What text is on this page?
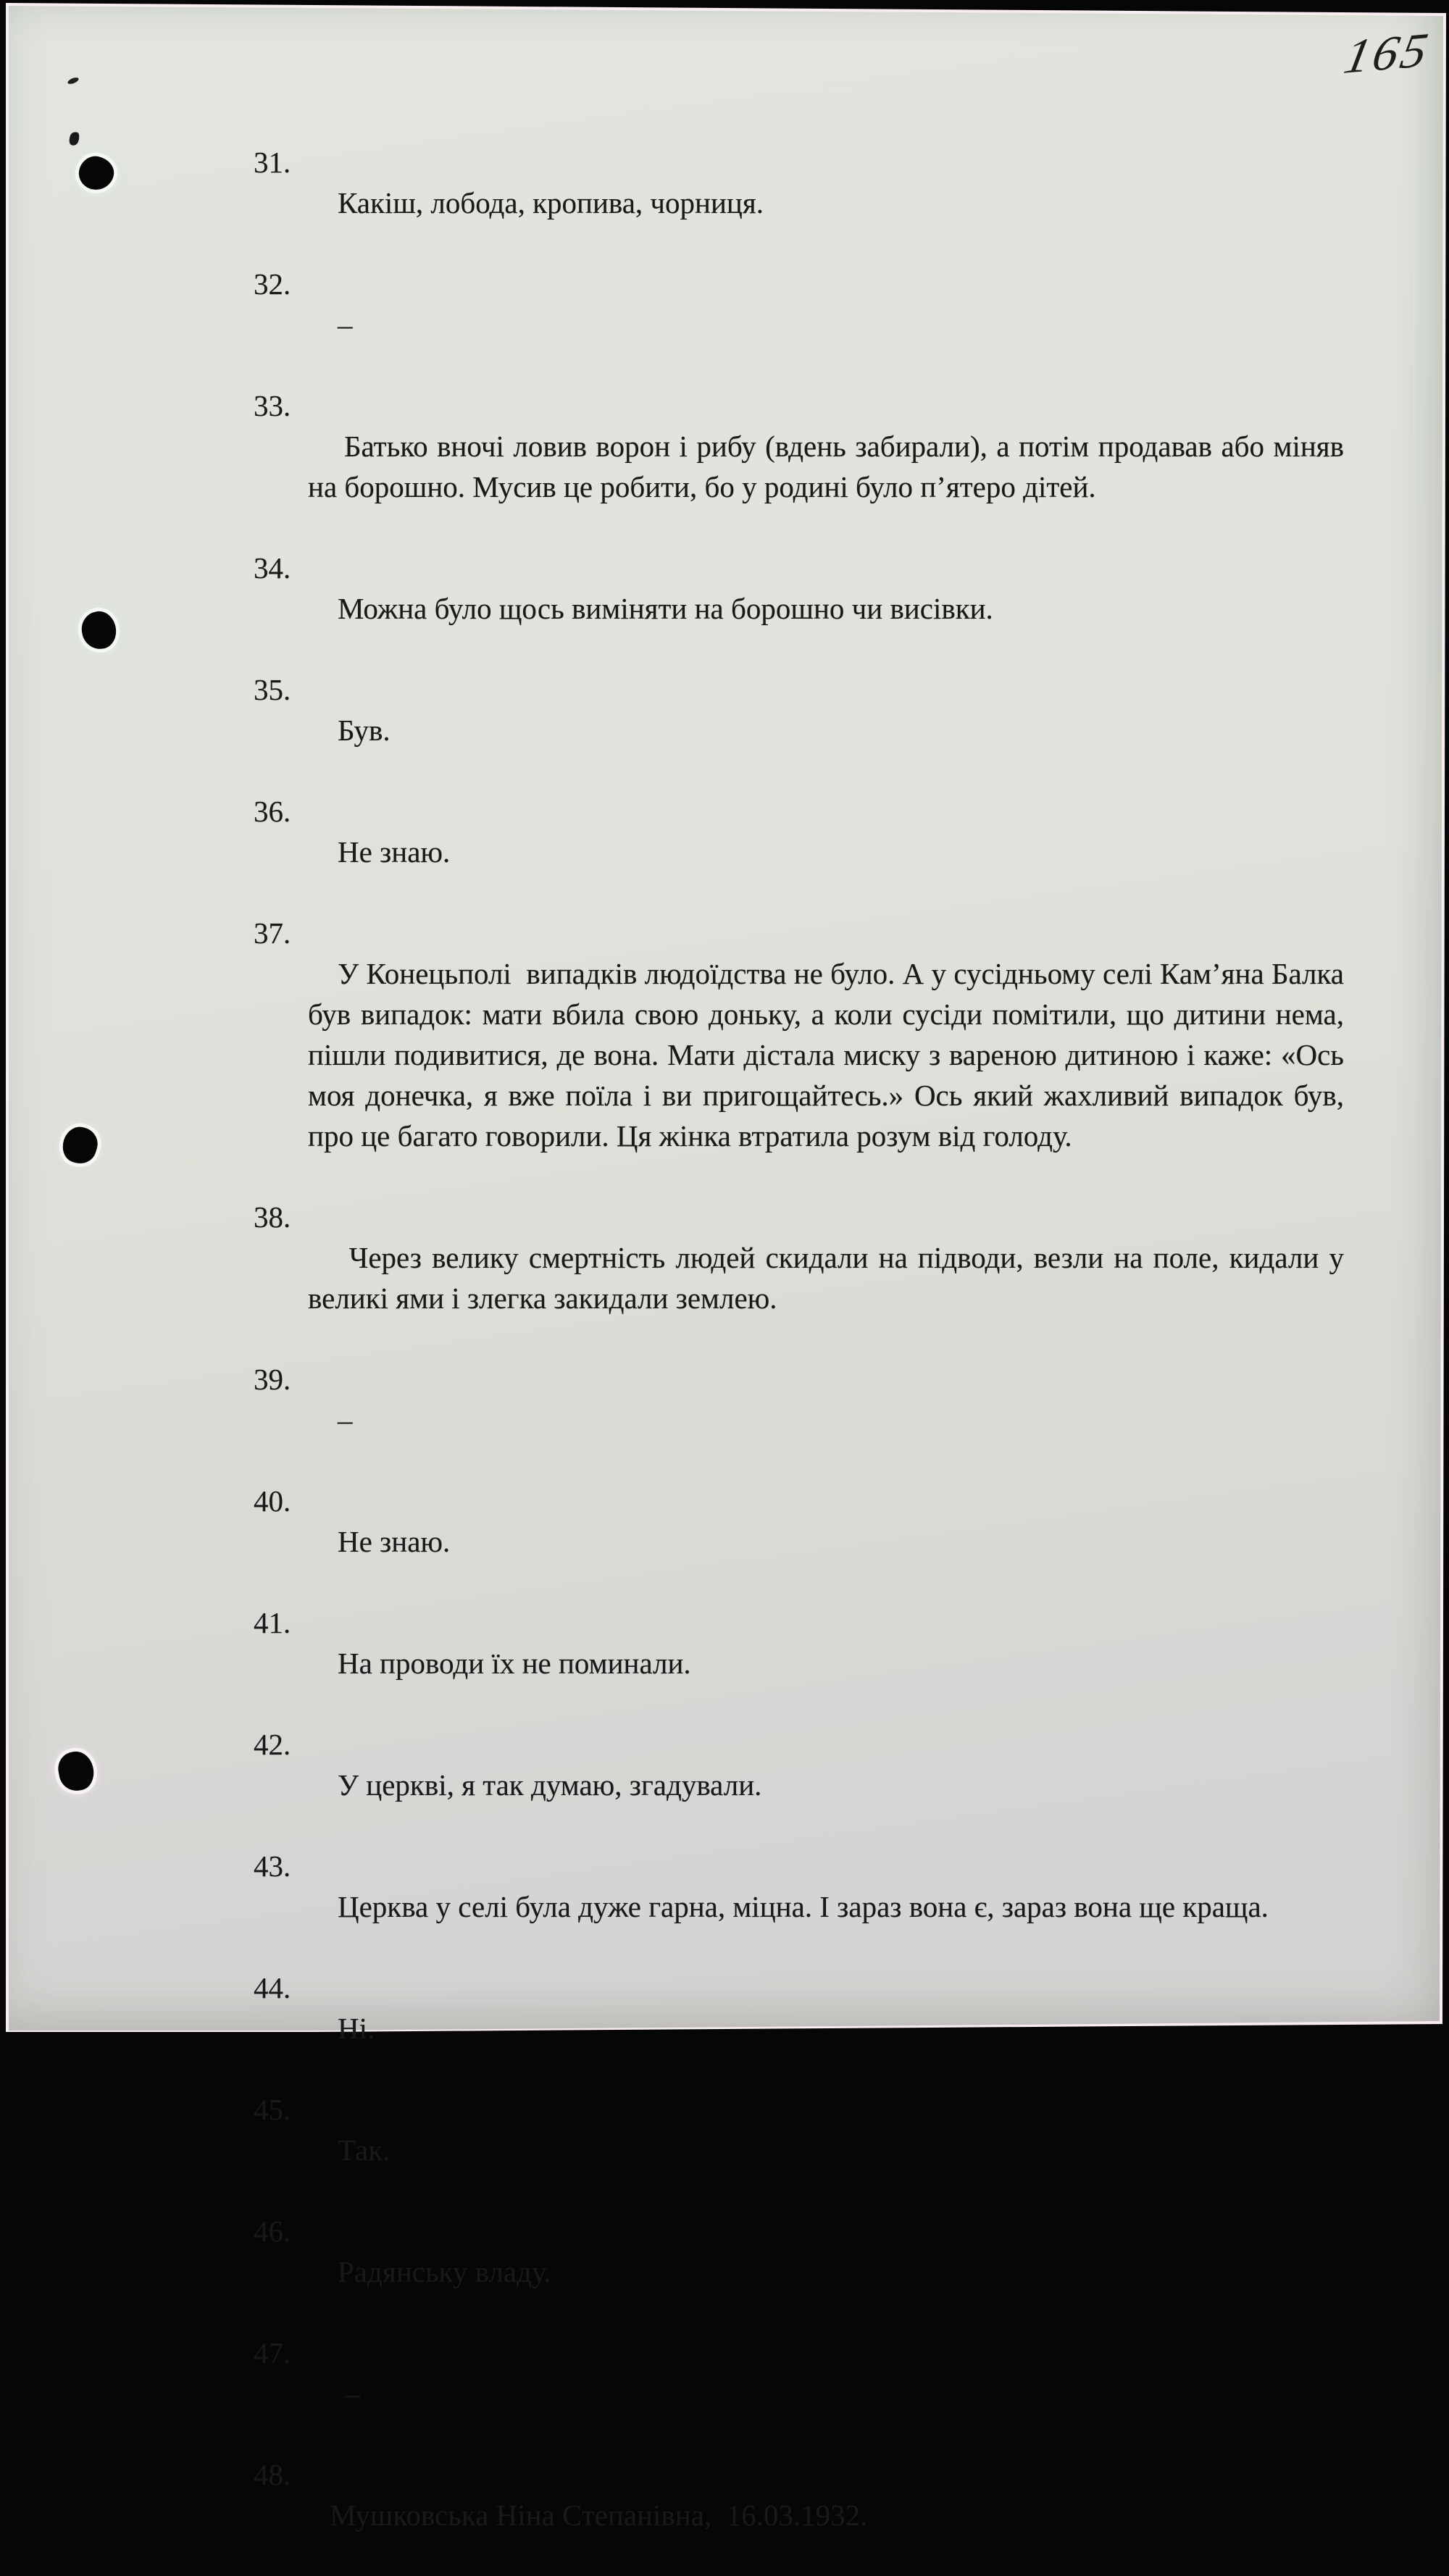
165

31.
Какіш, лобода, кропива, чорниця.

32.
–

33.
Батько вночі ловив ворон і рибу (вдень забирали), а потім продавав або міняв на борошно. Мусив це робити, бо у родині було п’ятеро дітей.

34.
Можна було щось виміняти на борошно чи висівки.

35.
Був.

36.
Не знаю.

37.
У Конецьполі  випадків людоїдства не було. А у сусідньому селі Кам’яна Балка був випадок: мати вбила свою доньку, а коли сусіди помітили, що дитини нема, пішли подивитися, де вона. Мати дістала миску з вареною дитиною і каже: «Ось моя донечка, я вже поїла і ви пригощайтесь.» Ось який жахливий випадок був, про це багато говорили. Ця жінка втратила розум від голоду.

38.
Через велику смертність людей скидали на підводи, везли на поле, кидали у великі ями і злегка закидали землею.

39.
–

40.
Не знаю.

41.
На проводи їх не поминали.

42.
У церкві, я так думаю, згадували.

43.
Церква у селі була дуже гарна, міцна. І зараз вона є, зараз вона ще краща.

44.
Ні.

45.
Так.

46.
Радянську владу.

47.
–

48.
Мушковська Ніна Степанівна,  16.03.1932.
